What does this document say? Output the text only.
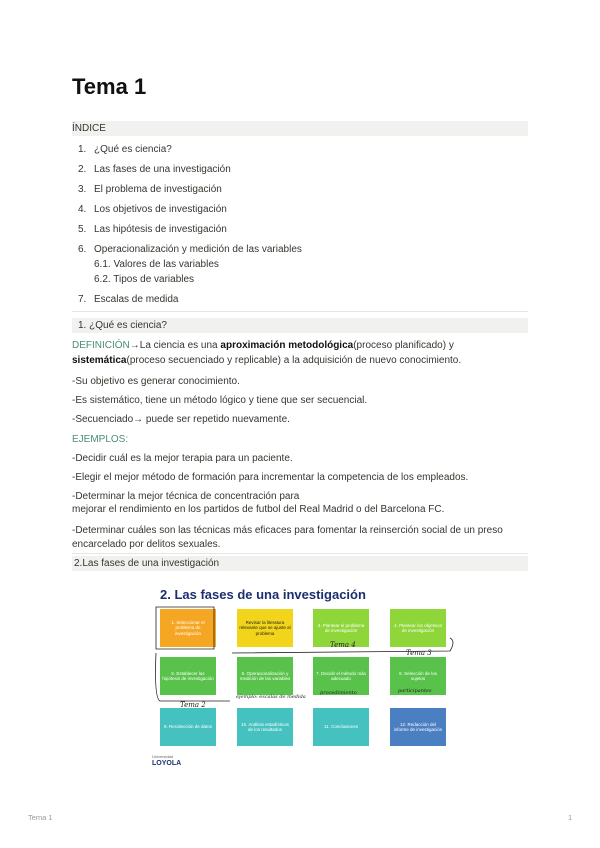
Tema 1
ÍNDICE
1. ¿Qué es ciencia?
2. Las fases de una investigación
3. El problema de investigación
4. Los objetivos de investigación
5. Las hipótesis de investigación
6. Operacionalización y medición de las variables
6.1. Valores de las variables
6.2. Tipos de variables
7. Escalas de medida
1. ¿Qué es ciencia?
DEFINICIÓN→La ciencia es una aproximación metodológica(proceso planificado) y
sistemática(proceso secuenciado y replicable) a la adquisición de nuevo conocimiento.
-Su objetivo es generar conocimiento.
-Es sistemático, tiene un método lógico y tiene que ser secuencial.
-Secuenciado→ puede ser repetido nuevamente.
EJEMPLOS:
-Decidir cuál es la mejor terapia para un paciente.
-Elegir el mejor método de formación para incrementar la competencia de los empleados.
-Determinar la mejor técnica de concentración para
mejorar el rendimiento en los partidos de futbol del Real Madrid o del Barcelona FC.
-Determinar cuáles son las técnicas más eficaces para fomentar la reinserción social de un preso
encarcelado por delitos sexuales.
2.Las fases de una investigación
2. Las fases de una investigación
1. Seleccionar el problema de investigación
Revisar la literatura relevante que se ajuste al problema
3. Plantear el problema de investigación
4. Plantear los objetivos de investigación
5. Establecer las hipótesis de investigación
6. Operacionalización y medición de las variables
7. Decidir el método más adecuado
8. Selección de los sujetos
9. Recolección de datos
10. Análisis estadísticos de los resultados
11. Conclusiones
12. Redacción del informe de investigación
Tema 4
Tema 3
Tema 2
ejemplo: escalas de medida
procedimiento	participantes
Universidad
LOYOLA
Tema 1	1
